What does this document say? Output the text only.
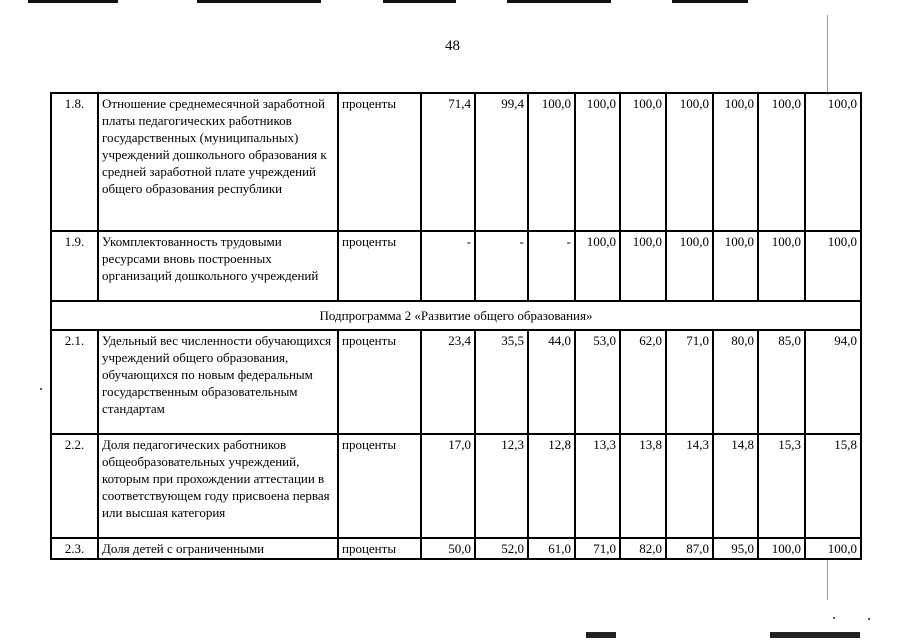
48
1.8.	Отношение среднемесячной заработной платы педагогических работников государственных (муниципальных) учреждений дошкольного образования к средней заработной плате учреждений общего образования республики	проценты	71,4	99,4	100,0	100,0	100,0	100,0	100,0	100,0	100,0
1.9.	Укомплектованность трудовыми ресурсами вновь построенных организаций дошкольного учреждений	проценты	-	-	-	100,0	100,0	100,0	100,0	100,0	100,0
Подпрограмма 2 «Развитие общего образования»											
2.1.	Удельный вес численности обучающихся учреждений общего образования, обучающихся по новым федеральным государственным образовательным стандартам	проценты	23,4	35,5	44,0	53,0	62,0	71,0	80,0	85,0	94,0
2.2.	Доля педагогических работников общеобразовательных учреждений, которым при прохождении аттестации в соответствующем году присвоена первая или высшая категория	проценты	17,0	12,3	12,8	13,3	13,8	14,3	14,8	15,3	15,8
2.3.	Доля детей с ограниченными	проценты	50,0	52,0	61,0	71,0	82,0	87,0	95,0	100,0	100,0
